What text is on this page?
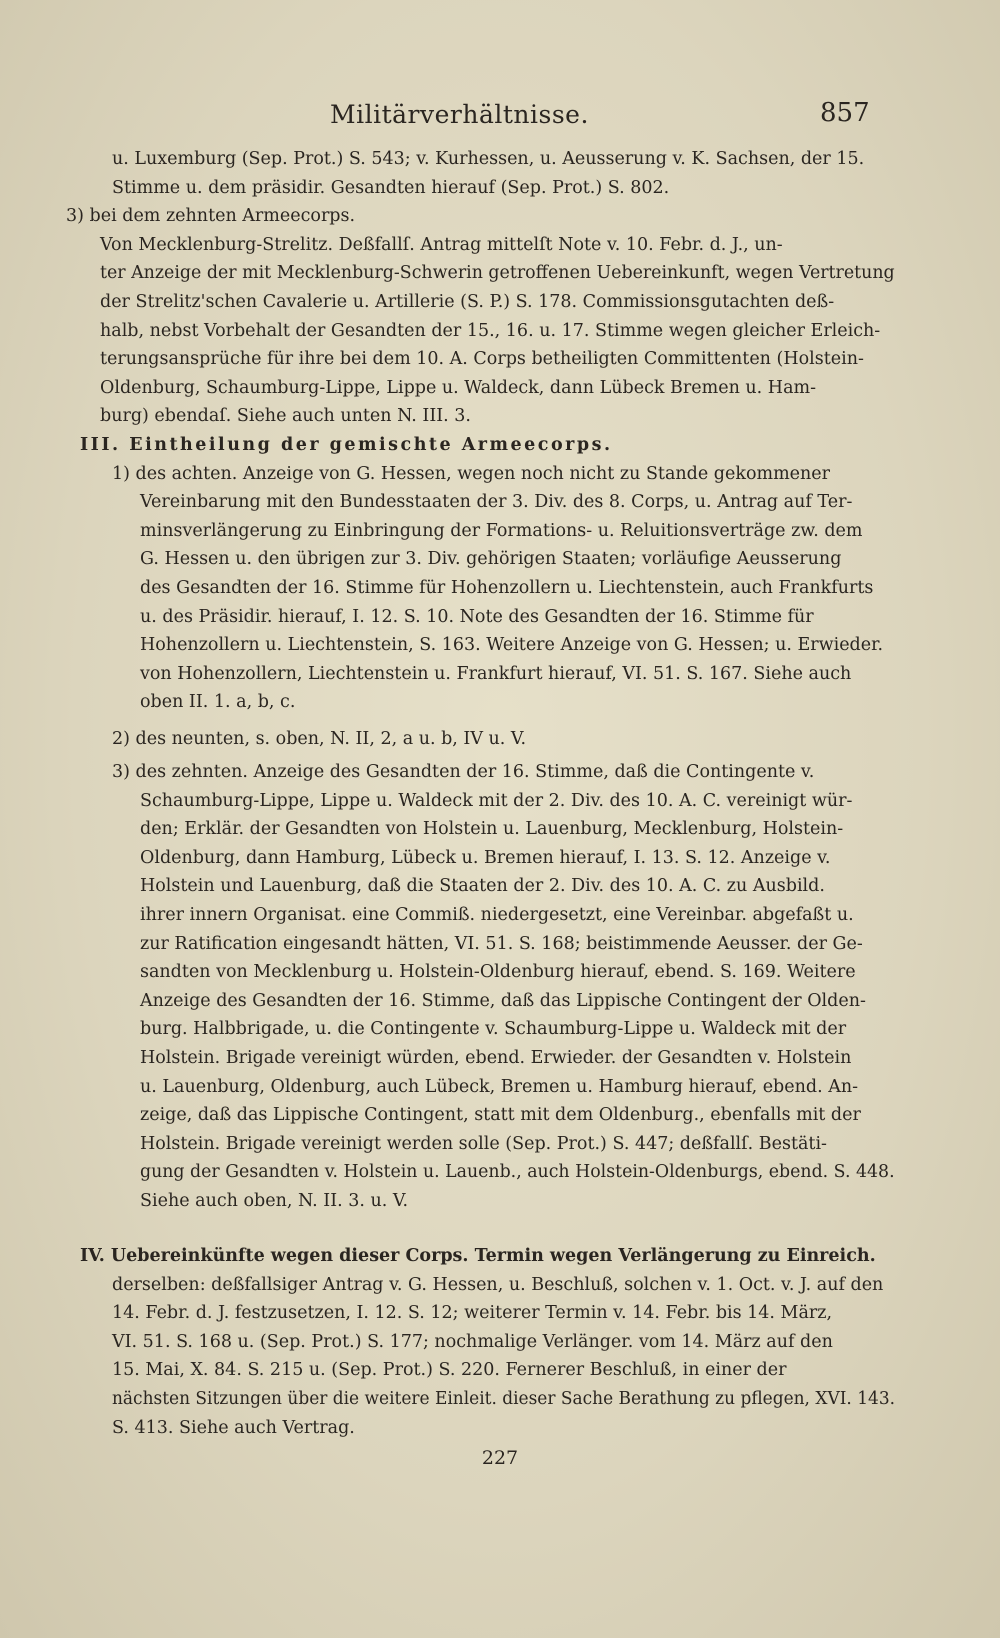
Militärverhältnisse.	857
u. Luxemburg (Sep. Prot.) S. 543; v. Kurhessen, u. Aeusserung v. K. Sachsen, der 15.
Stimme u. dem präsidir. Gesandten hierauf (Sep. Prot.) S. 802.
3) bei dem zehnten Armeecorps.
Von Mecklenburg-Strelitz. Deßfallſ. Antrag mittelſt Note v. 10. Febr. d. J., un-
ter Anzeige der mit Mecklenburg-Schwerin getroffenen Uebereinkunft, wegen Vertretung
der Strelitz'schen Cavalerie u. Artillerie (S. P.) S. 178. Commissionsgutachten deß-
halb, nebst Vorbehalt der Gesandten der 15., 16. u. 17. Stimme wegen gleicher Erleich-
terungsansprüche für ihre bei dem 10. A. Corps betheiligten Committenten (Holstein-
Oldenburg, Schaumburg-Lippe, Lippe u. Waldeck, dann Lübeck Bremen u. Ham-
burg) ebendaſ. Siehe auch unten N. III. 3.
III. Eintheilung der gemischte Armeecorps.
1) des achten. Anzeige von G. Hessen, wegen noch nicht zu Stande gekommener
Vereinbarung mit den Bundesstaaten der 3. Div. des 8. Corps, u. Antrag auf Ter-
minsverlängerung zu Einbringung der Formations- u. Reluitionsverträge zw. dem
G. Hessen u. den übrigen zur 3. Div. gehörigen Staaten; vorläufige Aeusserung
des Gesandten der 16. Stimme für Hohenzollern u. Liechtenstein, auch Frankfurts
u. des Präsidir. hierauf, I. 12. S. 10. Note des Gesandten der 16. Stimme für
Hohenzollern u. Liechtenstein, S. 163. Weitere Anzeige von G. Hessen; u. Erwieder.
von Hohenzollern, Liechtenstein u. Frankfurt hierauf, VI. 51. S. 167. Siehe auch
oben II. 1. a, b, c.
2) des neunten, s. oben, N. II, 2, a u. b, IV u. V.
3) des zehnten. Anzeige des Gesandten der 16. Stimme, daß die Contingente v.
Schaumburg-Lippe, Lippe u. Waldeck mit der 2. Div. des 10. A. C. vereinigt wür-
den; Erklär. der Gesandten von Holstein u. Lauenburg, Mecklenburg, Holstein-
Oldenburg, dann Hamburg, Lübeck u. Bremen hierauf, I. 13. S. 12. Anzeige v.
Holstein und Lauenburg, daß die Staaten der 2. Div. des 10. A. C. zu Ausbild.
ihrer innern Organisat. eine Commiß. niedergesetzt, eine Vereinbar. abgefaßt u.
zur Ratification eingesandt hätten, VI. 51. S. 168; beistimmende Aeusser. der Ge-
sandten von Mecklenburg u. Holstein-Oldenburg hierauf, ebend. S. 169. Weitere
Anzeige des Gesandten der 16. Stimme, daß das Lippische Contingent der Olden-
burg. Halbbrigade, u. die Contingente v. Schaumburg-Lippe u. Waldeck mit der
Holstein. Brigade vereinigt würden, ebend. Erwieder. der Gesandten v. Holstein
u. Lauenburg, Oldenburg, auch Lübeck, Bremen u. Hamburg hierauf, ebend. An-
zeige, daß das Lippische Contingent, statt mit dem Oldenburg., ebenfalls mit der
Holstein. Brigade vereinigt werden solle (Sep. Prot.) S. 447; deßfallſ. Bestäti-
gung der Gesandten v. Holstein u. Lauenb., auch Holstein-Oldenburgs, ebend. S. 448.
Siehe auch oben, N. II. 3. u. V.
IV. Uebereinkünfte wegen dieser Corps. Termin wegen Verlängerung zu Einreich.
derselben: deßfallsiger Antrag v. G. Hessen, u. Beschluß, solchen v. 1. Oct. v. J. auf den
14. Febr. d. J. festzusetzen, I. 12. S. 12; weiterer Termin v. 14. Febr. bis 14. März,
VI. 51. S. 168 u. (Sep. Prot.) S. 177; nochmalige Verlänger. vom 14. März auf den
15. Mai, X. 84. S. 215 u. (Sep. Prot.) S. 220. Fernerer Beschluß, in einer der
nächsten Sitzungen über die weitere Einleit. dieser Sache Berathung zu pflegen, XVI. 143.
S. 413. Siehe auch Vertrag.
227
